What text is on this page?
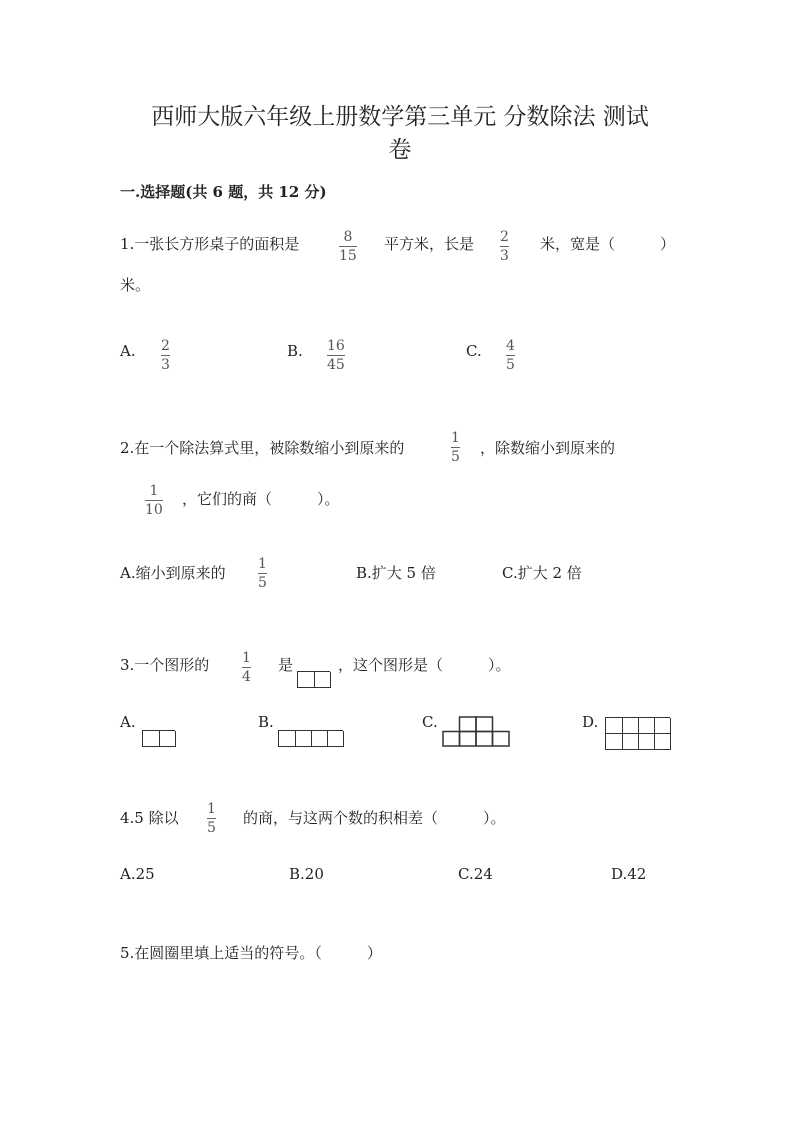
西师大版六年级上册数学第三单元 分数除法 测试
卷
一.选择题(共 6 题，共 12 分)
1.一张长方形桌子的面积是	8
15
平方米，长是 2
3
米，宽是（　　　）
米。
A. 2
3
B. 16
45
C. 4
5
2.在一个除法算式里，被除数缩小到原来的
1
5 ，除数缩小到原来的
1
10
，它们的商（　　　）。
A.缩小到原来的 1
5
B.扩大 5 倍	C.扩大 2 倍
3.一个图形的 1
4
是	，这个图形是（　　　）。
A.	B.	C.	D.
4.5 除以 1
5
的商，与这两个数的积相差（　　　）。
A.25	B.20	C.24	D.42
5.在圆圈里填上适当的符号。（　　　）
